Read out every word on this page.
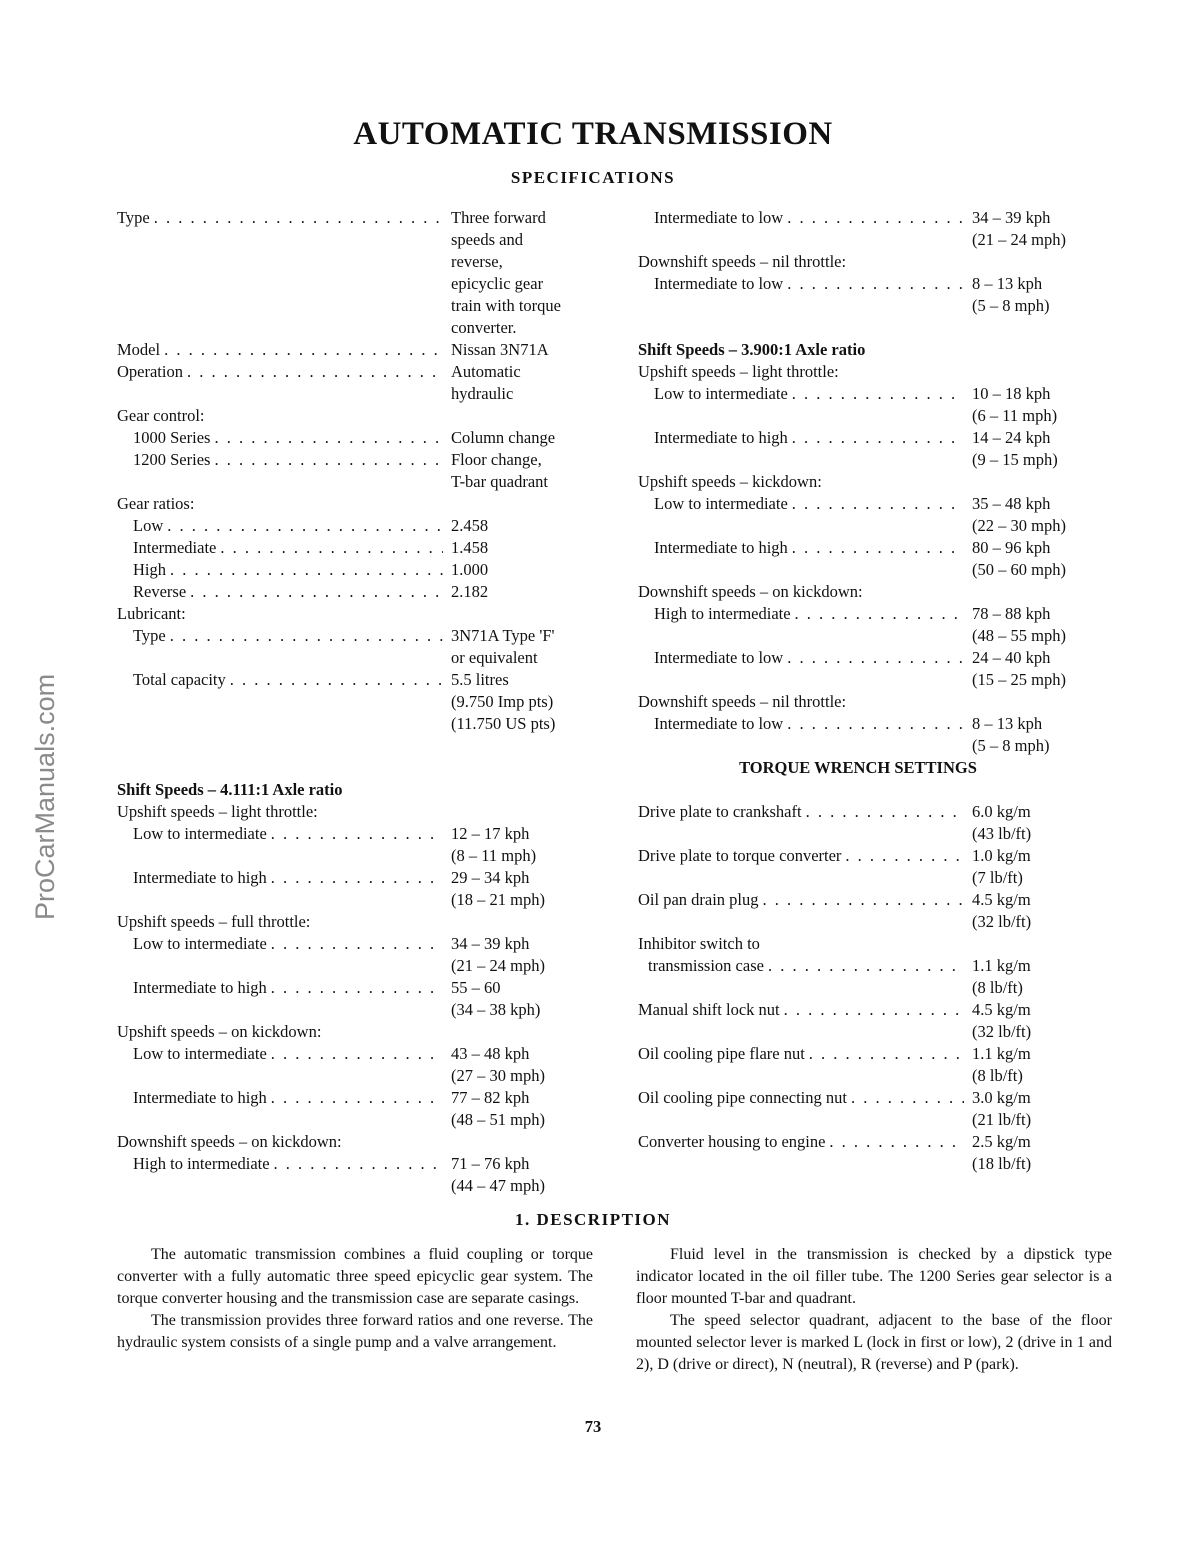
ProCarManuals.com
AUTOMATIC TRANSMISSION
SPECIFICATIONS
Type . . .	Three forward
speeds and
reverse,
epicyclic gear
train with torque
converter.
Model . . .	Nissan 3N71A
Operation . . .	Automatic
hydraulic
Gear control:
1000 Series . . .	Column change
1200 Series . . .	Floor change,
T-bar quadrant
Gear ratios:
Low . . .	2.458
Intermediate . . .	1.458
High . . .	1.000
Reverse . . .	2.182
Lubricant:
Type . . .	3N71A Type 'F'
or equivalent
Total capacity . . .	5.5 litres
(9.750 Imp pts)
(11.750 US pts)
Shift Speeds – 4.111:1 Axle ratio
Upshift speeds – light throttle:
Low to intermediate . . .	12 – 17 kph
(8 – 11 mph)
Intermediate to high . . .	29 – 34 kph
(18 – 21 mph)
Upshift speeds – full throttle:
Low to intermediate . . .	34 – 39 kph
(21 – 24 mph)
Intermediate to high . . .	55 – 60
(34 – 38 kph)
Upshift speeds – on kickdown:
Low to intermediate . . .	43 – 48 kph
(27 – 30 mph)
Intermediate to high . . .	77 – 82 kph
(48 – 51 mph)
Downshift speeds – on kickdown:
High to intermediate . . .	71 – 76 kph
(44 – 47 mph)
Intermediate to low . . .	34 – 39 kph
(21 – 24 mph)
Downshift speeds – nil throttle:
Intermediate to low . . .	8 – 13 kph
(5 – 8 mph)
Shift Speeds – 3.900:1 Axle ratio
Upshift speeds – light throttle:
Low to intermediate . . .	10 – 18 kph
(6 – 11 mph)
Intermediate to high . . .	14 – 24 kph
(9 – 15 mph)
Upshift speeds – kickdown:
Low to intermediate . . .	35 – 48 kph
(22 – 30 mph)
Intermediate to high . . .	80 – 96 kph
(50 – 60 mph)
Downshift speeds – on kickdown:
High to intermediate . . .	78 – 88 kph
(48 – 55 mph)
Intermediate to low . . .	24 – 40 kph
(15 – 25 mph)
Downshift speeds – nil throttle:
Intermediate to low . . .	8 – 13 kph
(5 – 8 mph)
TORQUE WRENCH SETTINGS
Drive plate to crankshaft . . .	6.0 kg/m
(43 lb/ft)
Drive plate to torque converter . . .	1.0 kg/m
(7 lb/ft)
Oil pan drain plug . . .	4.5 kg/m
(32 lb/ft)
Inhibitor switch to
transmission case . . .	1.1 kg/m
(8 lb/ft)
Manual shift lock nut . . .	4.5 kg/m
(32 lb/ft)
Oil cooling pipe flare nut . . .	1.1 kg/m
(8 lb/ft)
Oil cooling pipe connecting nut . . .	3.0 kg/m
(21 lb/ft)
Converter housing to engine . . .	2.5 kg/m
(18 lb/ft)
1. DESCRIPTION

The automatic transmission combines a fluid coupling or torque converter with a fully automatic three speed epicyclic gear system. The torque converter housing and the transmission case are separate casings.

The transmission provides three forward ratios and one reverse. The hydraulic system consists of a single pump and a valve arrangement.

Fluid level in the transmission is checked by a dipstick type indicator located in the oil filler tube. The 1200 Series gear selector is a floor mounted T-bar and quadrant.

The speed selector quadrant, adjacent to the base of the floor mounted selector lever is marked L (lock in first or low), 2 (drive in 1 and 2), D (drive or direct), N (neutral), R (reverse) and P (park).

73
